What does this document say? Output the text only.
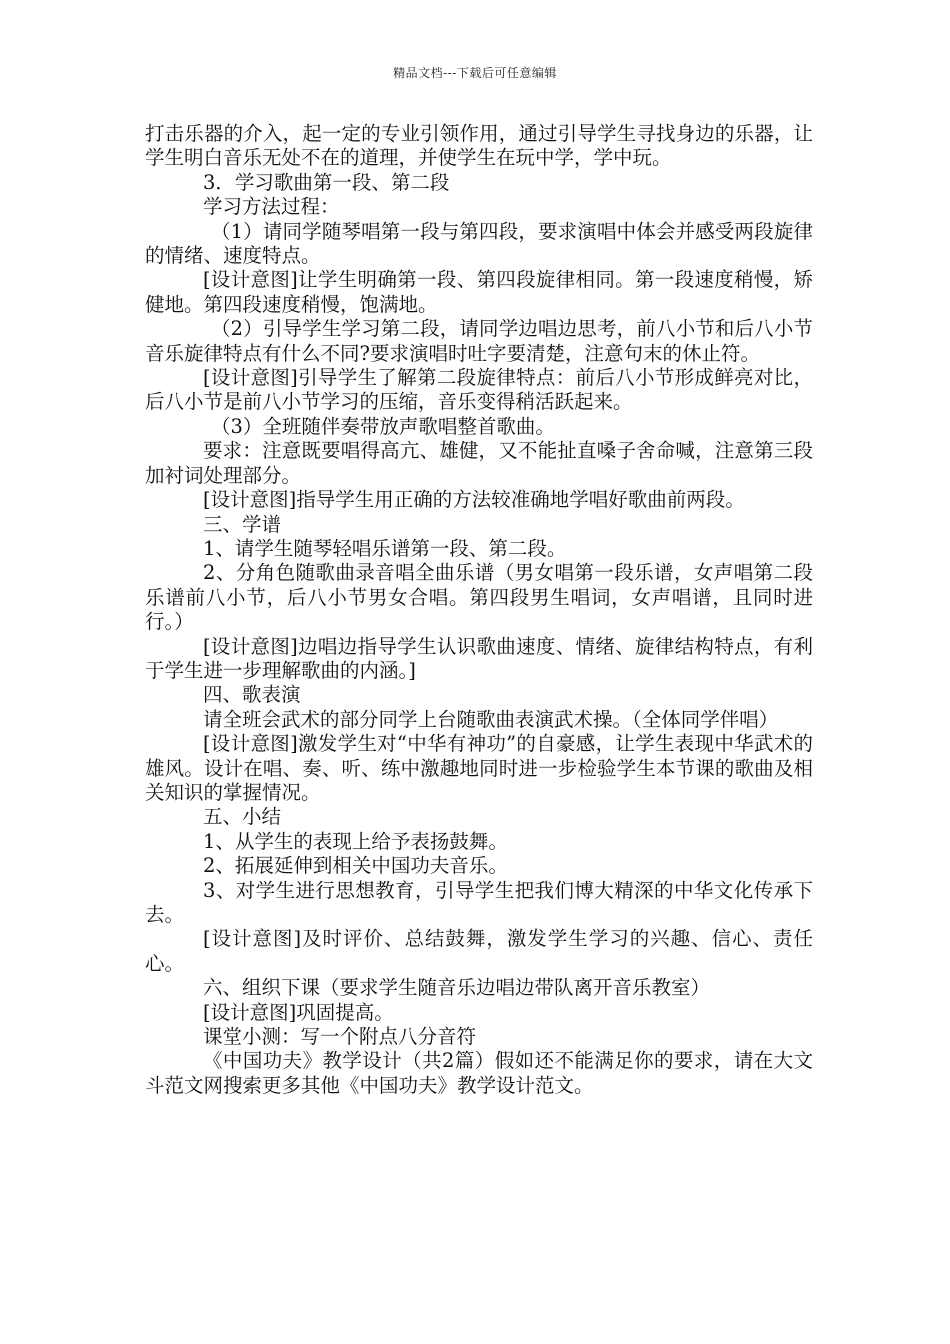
精品文档---下载后可任意编辑

打击乐器的介入，起一定的专业引领作用，通过引导学生寻找身边的乐器，让学生明白音乐无处不在的道理，并使学生在玩中学，学中玩。

3．学习歌曲第一段、第二段

学习方法过程：

（1）请同学随琴唱第一段与第四段，要求演唱中体会并感受两段旋律的情绪、速度特点。

[设计意图]让学生明确第一段、第四段旋律相同。第一段速度稍慢，矫健地。第四段速度稍慢，饱满地。

（2）引导学生学习第二段，请同学边唱边思考，前八小节和后八小节音乐旋律特点有什么不同?要求演唱时吐字要清楚，注意句末的休止符。

[设计意图]引导学生了解第二段旋律特点：前后八小节形成鲜亮对比，后八小节是前八小节学习的压缩，音乐变得稍活跃起来。

（3）全班随伴奏带放声歌唱整首歌曲。

要求：注意既要唱得高亢、雄健，又不能扯直嗓子舍命喊，注意第三段加衬词处理部分。

[设计意图]指导学生用正确的方法较准确地学唱好歌曲前两段。

三、学谱

1、请学生随琴轻唱乐谱第一段、第二段。

2、分角色随歌曲录音唱全曲乐谱（男女唱第一段乐谱，女声唱第二段乐谱前八小节，后八小节男女合唱。第四段男生唱词，女声唱谱，且同时进行。）

[设计意图]边唱边指导学生认识歌曲速度、情绪、旋律结构特点，有利于学生进一步理解歌曲的内涵。]

四、歌表演

请全班会武术的部分同学上台随歌曲表演武术操。（全体同学伴唱）

[设计意图]激发学生对“中华有神功”的自豪感，让学生表现中华武术的雄风。设计在唱、奏、听、练中激趣地同时进一步检验学生本节课的歌曲及相关知识的掌握情况。

五、小结

1、从学生的表现上给予表扬鼓舞。

2、拓展延伸到相关中国功夫音乐。

3、对学生进行思想教育，引导学生把我们博大精深的中华文化传承下去。

[设计意图]及时评价、总结鼓舞，激发学生学习的兴趣、信心、责任心。

六、组织下课（要求学生随音乐边唱边带队离开音乐教室）

[设计意图]巩固提高。

课堂小测：写一个附点八分音符

《中国功夫》教学设计（共2篇）假如还不能满足你的要求，请在大文斗范文网搜索更多其他《中国功夫》教学设计范文。
